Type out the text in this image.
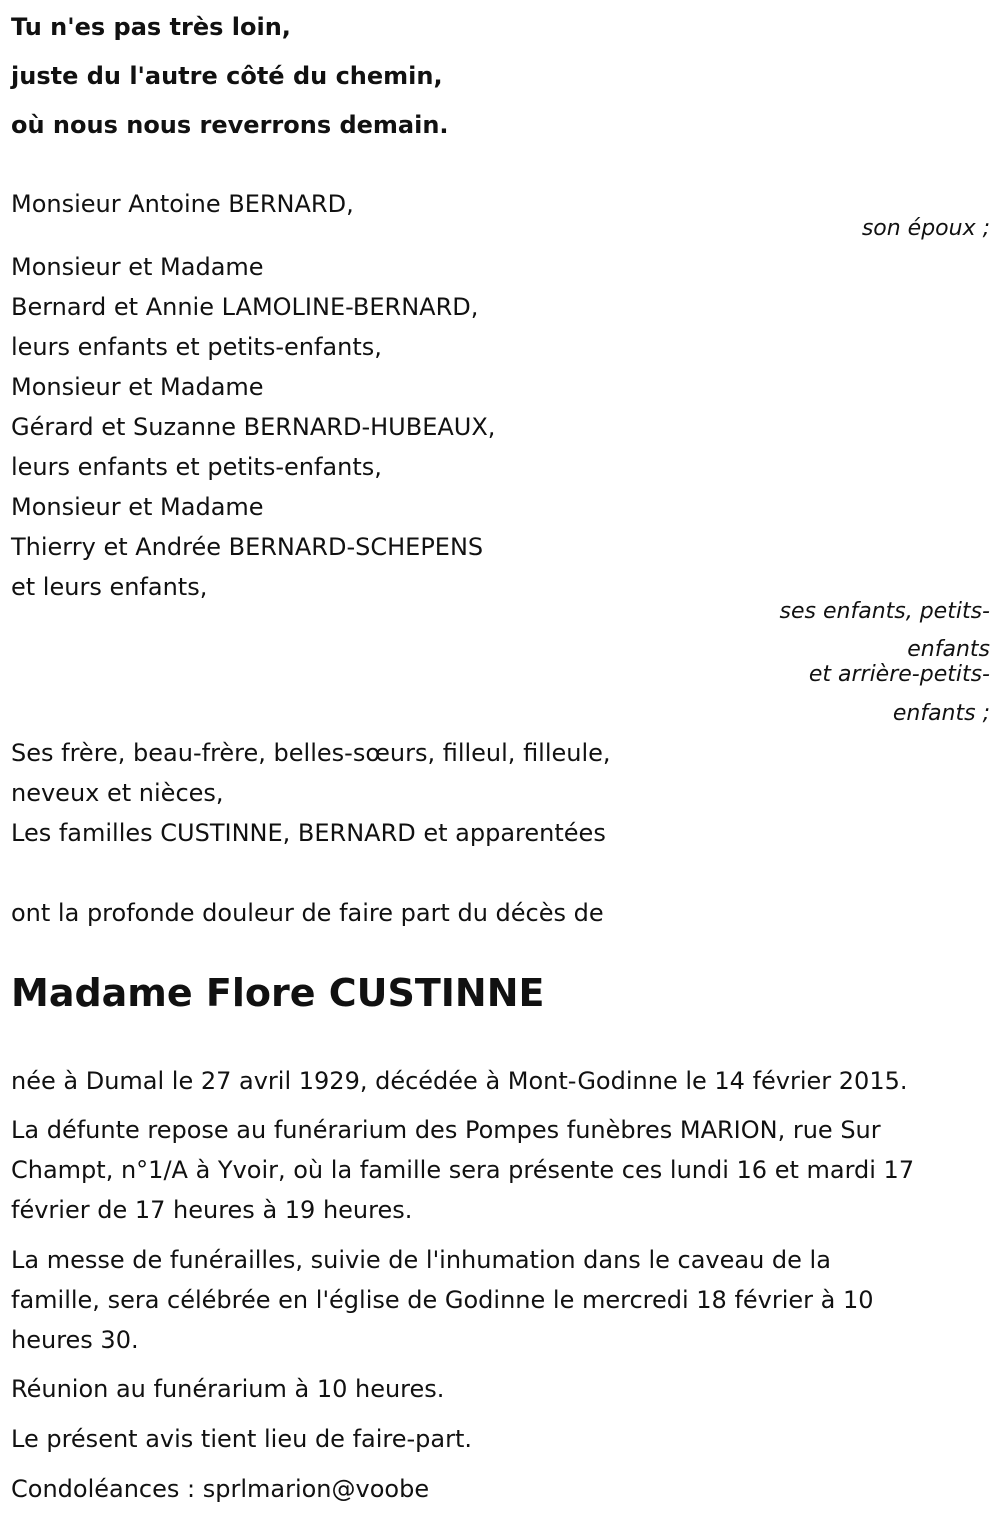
Tu n'es pas très loin,
juste du l'autre côté du chemin,
où nous nous reverrons demain.
Monsieur Antoine BERNARD,
son époux ;
Monsieur et Madame
Bernard et Annie LAMOLINE-BERNARD,
leurs enfants et petits-enfants,
Monsieur et Madame
Gérard et Suzanne BERNARD-HUBEAUX,
leurs enfants et petits-enfants,
Monsieur et Madame
Thierry et Andrée BERNARD-SCHEPENS
et leurs enfants,
ses enfants, petits-
enfants
et arrière-petits-
enfants ;
Ses frère, beau-frère, belles-sœurs, filleul, filleule,
neveux et nièces,
Les familles CUSTINNE, BERNARD et apparentées
ont la profonde douleur de faire part du décès de
Madame Flore CUSTINNE
née à Dumal le 27 avril 1929, décédée à Mont-Godinne le 14 février 2015.
La défunte repose au funérarium des Pompes funèbres MARION, rue Sur
Champt, n°1/A à Yvoir, où la famille sera présente ces lundi 16 et mardi 17
février de 17 heures à 19 heures.
La messe de funérailles, suivie de l'inhumation dans le caveau de la
famille, sera célébrée en l'église de Godinne le mercredi 18 février à 10
heures 30.
Réunion au funérarium à 10 heures.
Le présent avis tient lieu de faire-part.
Condoléances : sprlmarion@voobe
